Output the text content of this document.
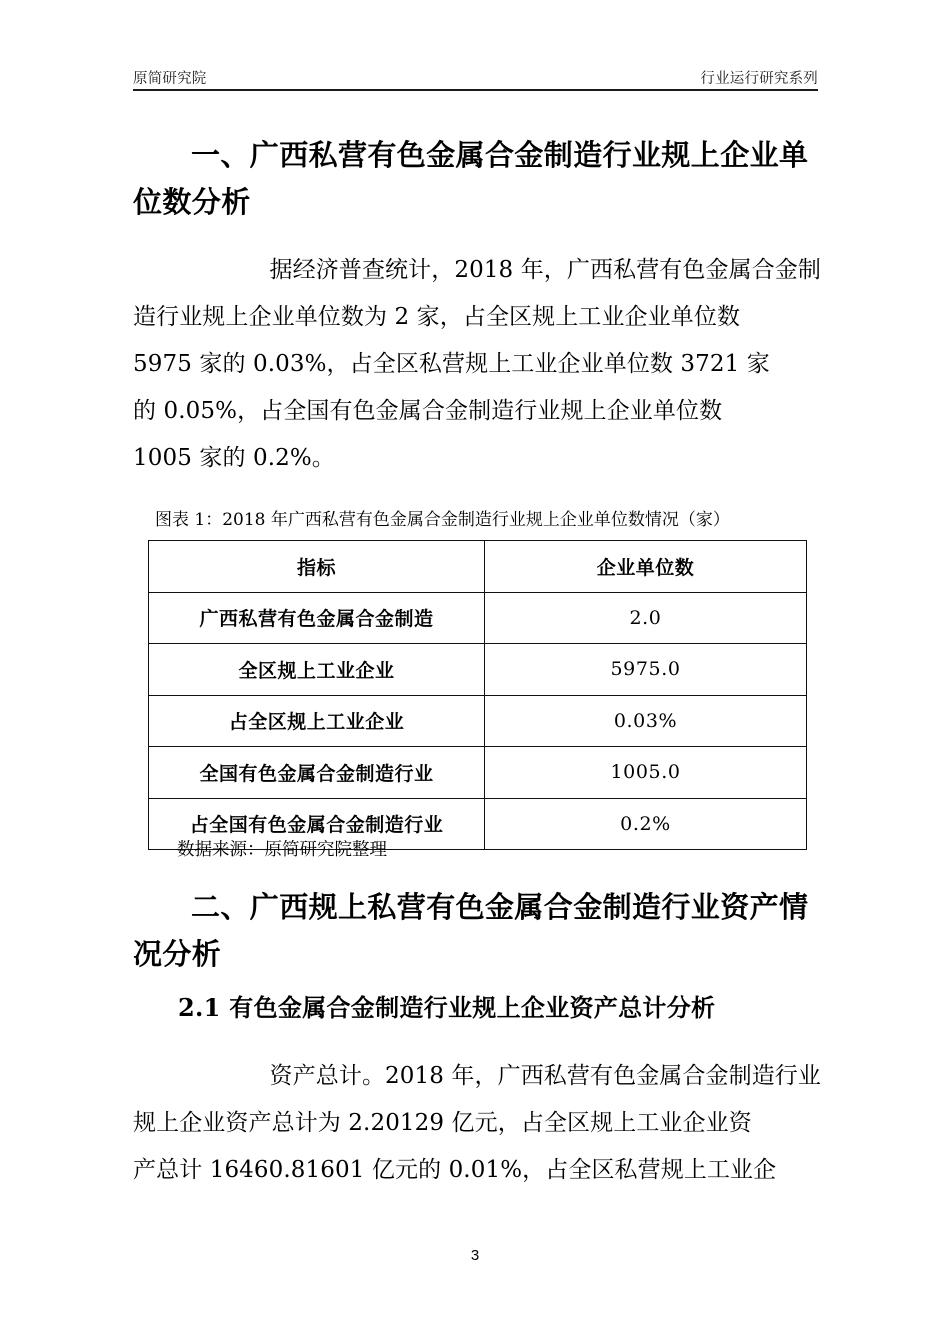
原简研究院	行业运行研究系列
一、广西私营有色金属合金制造行业规上企业单
位数分析
据经济普查统计，2018 年，广西私营有色金属合金制
造行业规上企业单位数为 2 家，占全区规上工业企业单位数
5975 家的 0.03%，占全区私营规上工业企业单位数 3721 家
的 0.05%，占全国有色金属合金制造行业规上企业单位数
1005 家的 0.2%。
图表 1：2018 年广西私营有色金属合金制造行业规上企业单位数情况（家）
指标	企业单位数
广西私营有色金属合金制造	2.0
全区规上工业企业	5975.0
占全区规上工业企业	0.03%
全国有色金属合金制造行业	1005.0
占全国有色金属合金制造行业	0.2%
数据来源：原简研究院整理
二、广西规上私营有色金属合金制造行业资产情
况分析
2.1 有色金属合金制造行业规上企业资产总计分析
资产总计。2018 年，广西私营有色金属合金制造行业
规上企业资产总计为 2.20129 亿元，占全区规上工业企业资
产总计 16460.81601 亿元的 0.01%，占全区私营规上工业企
3
